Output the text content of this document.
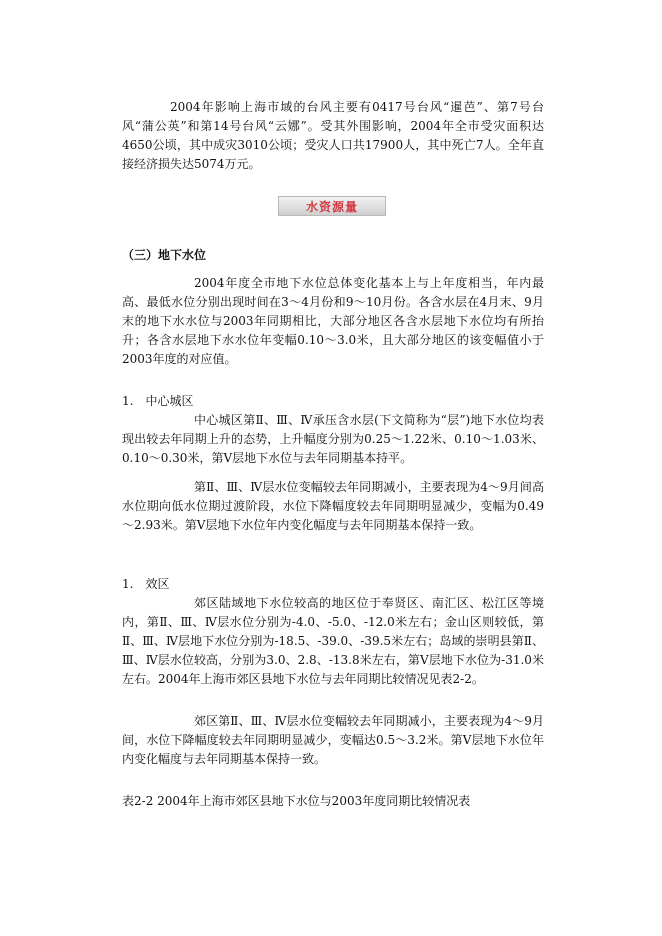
2004年影响上海市域的台风主要有0417号台风“暹芭”、第7号台风“蒲公英”和第14号台风“云娜”。受其外围影响，2004年全市受灾面积达4650公顷，其中成灾3010公顷；受灾人口共17900人，其中死亡7人。全年直接经济损失达5074万元。

水资源量
（三）地下水位

2004年度全市地下水位总体变化基本上与上年度相当，年内最高、最低水位分别出现时间在3～4月份和9～10月份。各含水层在4月末、9月末的地下水水位与2003年同期相比，大部分地区各含水层地下水位均有所抬升；各含水层地下水水位年变幅0.10～3.0米，且大部分地区的该变幅值小于2003年度的对应值。

1.　中心城区

中心城区第Ⅱ、Ⅲ、Ⅳ承压含水层(下文简称为“层”)地下水位均表现出较去年同期上升的态势，上升幅度分别为0.25～1.22米、0.10～1.03米、0.10～0.30米，第Ⅴ层地下水位与去年同期基本持平。

第Ⅱ、Ⅲ、Ⅳ层水位变幅较去年同期减小，主要表现为4～9月间高水位期向低水位期过渡阶段，水位下降幅度较去年同期明显减少，变幅为0.49～2.93米。第Ⅴ层地下水位年内变化幅度与去年同期基本保持一致。

1.　效区

郊区陆域地下水位较高的地区位于奉贤区、南汇区、松江区等境内，第Ⅱ、Ⅲ、Ⅳ层水位分别为-4.0、-5.0、-12.0米左右；金山区则较低，第Ⅱ、Ⅲ、Ⅳ层地下水位分别为-18.5、-39.0、-39.5米左右；岛域的崇明县第Ⅱ、Ⅲ、Ⅳ层水位较高，分别为3.0、2.8、-13.8米左右，第Ⅴ层地下水位为-31.0米左右。2004年上海市郊区县地下水位与去年同期比较情况见表2-2。

郊区第Ⅱ、Ⅲ、Ⅳ层水位变幅较去年同期减小，主要表现为4～9月间，水位下降幅度较去年同期明显减少，变幅达0.5～3.2米。第Ⅴ层地下水位年内变化幅度与去年同期基本保持一致。

表2-2 2004年上海市郊区县地下水位与2003年度同期比较情况表
